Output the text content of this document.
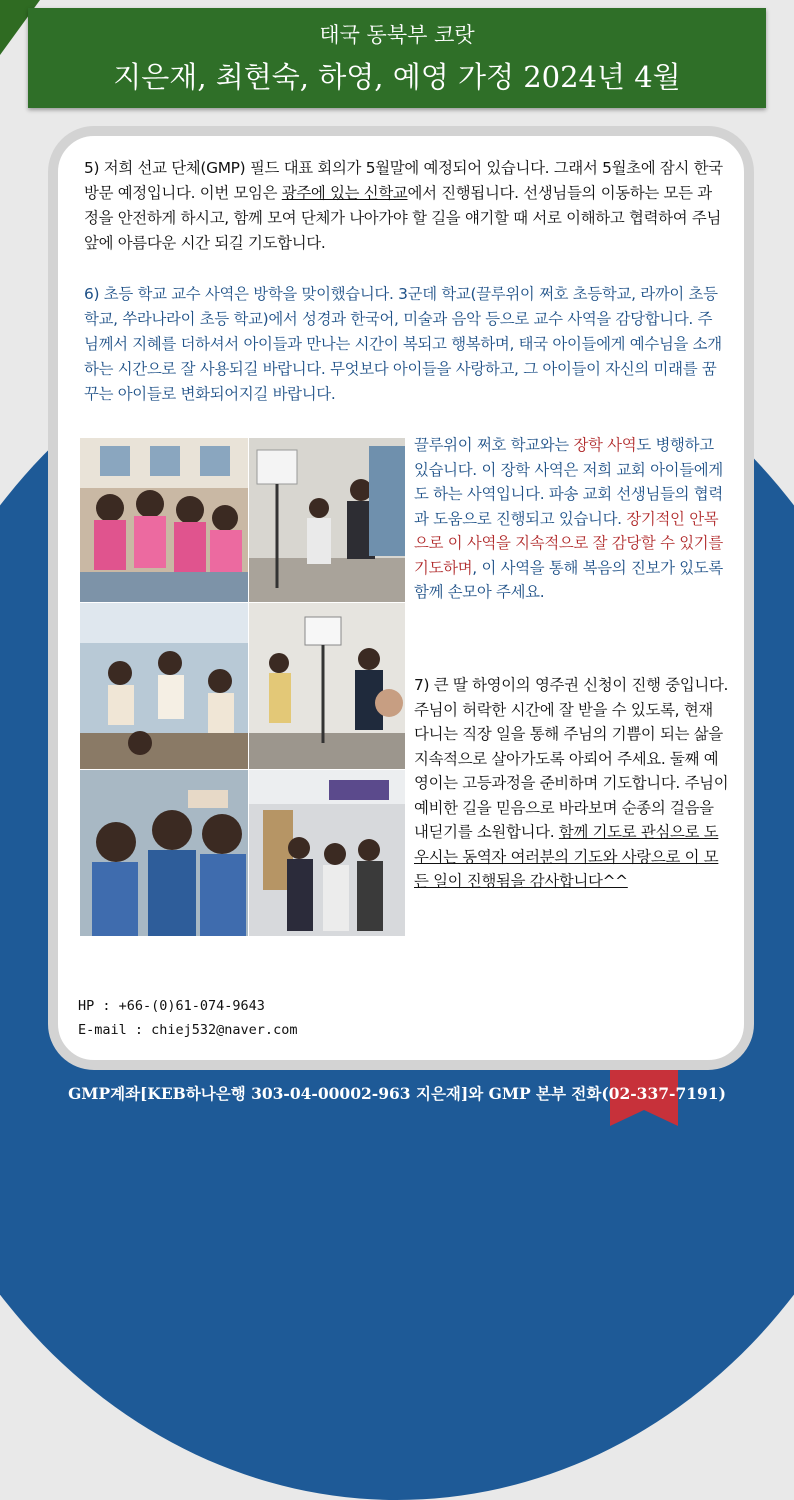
태국 동북부 코랏
지은재, 최현숙, 하영, 예영 가정 2024년 4월
5) 저희 선교 단체(GMP) 필드 대표 회의가 5월말에 예정되어 있습니다. 그래서 5월초에 잠시 한국 방문 예정입니다. 이번 모임은 광주에 있는 신학교에서 진행됩니다. 선생님들의 이동하는 모든 과정을 안전하게 하시고, 함께 모여 단체가 나아가야 할 길을 얘기할 때 서로 이해하고 협력하여 주님 앞에 아름다운 시간 되길 기도합니다.
6) 초등 학교 교수 사역은 방학을 맞이했습니다. 3군데 학교(끌루위이 쩌호 초등학교, 라까이 초등학교, 쑤라나라이 초등 학교)에서 성경과 한국어, 미술과 음악 등으로 교수 사역을 감당합니다. 주님께서 지혜를 더하셔서 아이들과 만나는 시간이 복되고 행복하며, 태국 아이들에게 예수님을 소개하는 시간으로 잘 사용되길 바랍니다. 무엇보다 아이들을 사랑하고, 그 아이들이 자신의 미래를 꿈꾸는 아이들로 변화되어지길 바랍니다.
끌루위이 쩌호 학교와는 장학 사역도 병행하고 있습니다. 이 장학 사역은 저희 교회 아이들에게도 하는 사역입니다. 파송 교회 선생님들의 협력과 도움으로 진행되고 있습니다. 장기적인 안목으로 이 사역을 지속적으로 잘 감당할 수 있기를 기도하며, 이 사역을 통해 복음의 진보가 있도록 함께 손모아 주세요.
7) 큰 딸 하영이의 영주권 신청이 진행 중입니다. 주님이 허락한 시간에 잘 받을 수 있도록, 현재 다니는 직장 일을 통해 주님의 기쁨이 되는 삶을 지속적으로 살아가도록 아뢰어 주세요. 둘째 예영이는 고등과정을 준비하며 기도합니다. 주님이 예비한 길을 믿음으로 바라보며 순종의 걸음을 내딛기를 소원합니다. 함께 기도로 관심으로 도우시는 동역자 여러분의 기도와 사랑으로 이 모든 일이 진행됨을 감사합니다^^
HP : +66-(0)61-074-9643
E-mail : chiej532@naver.com
GMP계좌[KEB하나은행 303-04-00002-963 지은재]와 GMP 본부 전화(02-337-7191)
